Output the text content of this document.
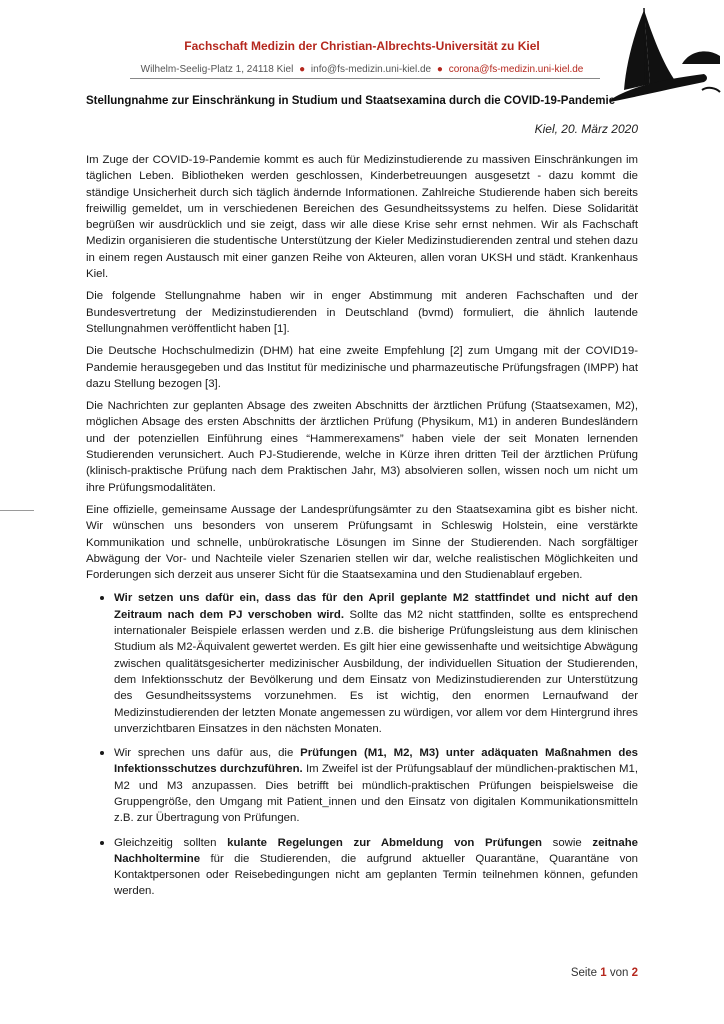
Fachschaft Medizin der Christian-Albrechts-Universität zu Kiel
Wilhelm-Seelig-Platz 1, 24118 Kiel ● info@fs-medizin.uni-kiel.de ● corona@fs-medizin.uni-kiel.de
Stellungnahme zur Einschränkung in Studium und Staatsexamina durch die COVID-19-Pandemie
Kiel, 20. März 2020

Im Zuge der COVID-19-Pandemie kommt es auch für Medizinstudierende zu massiven Einschränkungen im täglichen Leben. Bibliotheken werden geschlossen, Kinderbetreuungen ausgesetzt - dazu kommt die ständige Unsicherheit durch sich täglich ändernde Informationen. Zahlreiche Studierende haben sich bereits freiwillig gemeldet, um in verschiedenen Bereichen des Gesundheitssystems zu helfen. Diese Solidarität begrüßen wir ausdrücklich und sie zeigt, dass wir alle diese Krise sehr ernst nehmen. Wir als Fachschaft Medizin organisieren die studentische Unterstützung der Kieler Medizinstudierenden zentral und stehen dazu in einem regen Austausch mit einer ganzen Reihe von Akteuren, allen voran UKSH und städt. Krankenhaus Kiel.

Die folgende Stellungnahme haben wir in enger Abstimmung mit anderen Fachschaften und der Bundesvertretung der Medizinstudierenden in Deutschland (bvmd) formuliert, die ähnlich lautende Stellungnahmen veröffentlicht haben [1].

Die Deutsche Hochschulmedizin (DHM) hat eine zweite Empfehlung [2] zum Umgang mit der COVID19-Pandemie herausgegeben und das Institut für medizinische und pharmazeutische Prüfungsfragen (IMPP) hat dazu Stellung bezogen [3].

Die Nachrichten zur geplanten Absage des zweiten Abschnitts der ärztlichen Prüfung (Staatsexamen, M2), möglichen Absage des ersten Abschnitts der ärztlichen Prüfung (Physikum, M1) in anderen Bundesländern und der potenziellen Einführung eines “Hammerexamens” haben viele der seit Monaten lernenden Studierenden verunsichert. Auch PJ-Studierende, welche in Kürze ihren dritten Teil der ärztlichen Prüfung (klinisch-praktische Prüfung nach dem Praktischen Jahr, M3) absolvieren sollen, wissen noch um nicht um ihre Prüfungsmodalitäten.

Eine offizielle, gemeinsame Aussage der Landesprüfungsämter zu den Staatsexamina gibt es bisher nicht. Wir wünschen uns besonders von unserem Prüfungsamt in Schleswig Holstein, eine verstärkte Kommunikation und schnelle, unbürokratische Lösungen im Sinne der Studierenden. Nach sorgfältiger Abwägung der Vor- und Nachteile vieler Szenarien stellen wir dar, welche realistischen Möglichkeiten und Forderungen sich derzeit aus unserer Sicht für die Staatsexamina und den Studienablauf ergeben.

• Wir setzen uns dafür ein, dass das für den April geplante M2 stattfindet und nicht auf den Zeitraum nach dem PJ verschoben wird. Sollte das M2 nicht stattfinden, sollte es entsprechend internationaler Beispiele erlassen werden und z.B. die bisherige Prüfungsleistung aus dem klinischen Studium als M2-Äquivalent gewertet werden. Es gilt hier eine gewissenhafte und weitsichtige Abwägung zwischen qualitätsgesicherter medizinischer Ausbildung, der individuellen Situation der Studierenden, dem Infektionsschutz der Bevölkerung und dem Einsatz von Medizinstudierenden zur Unterstützung des Gesundheitssystems vorzunehmen. Es ist wichtig, den enormen Lernaufwand der Medizinstudierenden der letzten Monate angemessen zu würdigen, vor allem vor dem Hintergrund ihres unverzichtbaren Einsatzes in den nächsten Monaten.
• Wir sprechen uns dafür aus, die Prüfungen (M1, M2, M3) unter adäquaten Maßnahmen des Infektionsschutzes durchzuführen. Im Zweifel ist der Prüfungsablauf der mündlichen-praktischen M1, M2 und M3 anzupassen. Dies betrifft bei mündlich-praktischen Prüfungen beispielsweise die Gruppengröße, den Umgang mit Patient_innen und den Einsatz von digitalen Kommunikationsmitteln z.B. zur Übertragung von Prüfungen.
• Gleichzeitig sollten kulante Regelungen zur Abmeldung von Prüfungen sowie zeitnahe Nachholtermine für die Studierenden, die aufgrund aktueller Quarantäne, Quarantäne von Kontaktpersonen oder Reisebedingungen nicht am geplanten Termin teilnehmen können, gefunden werden.
Seite 1 von 2
